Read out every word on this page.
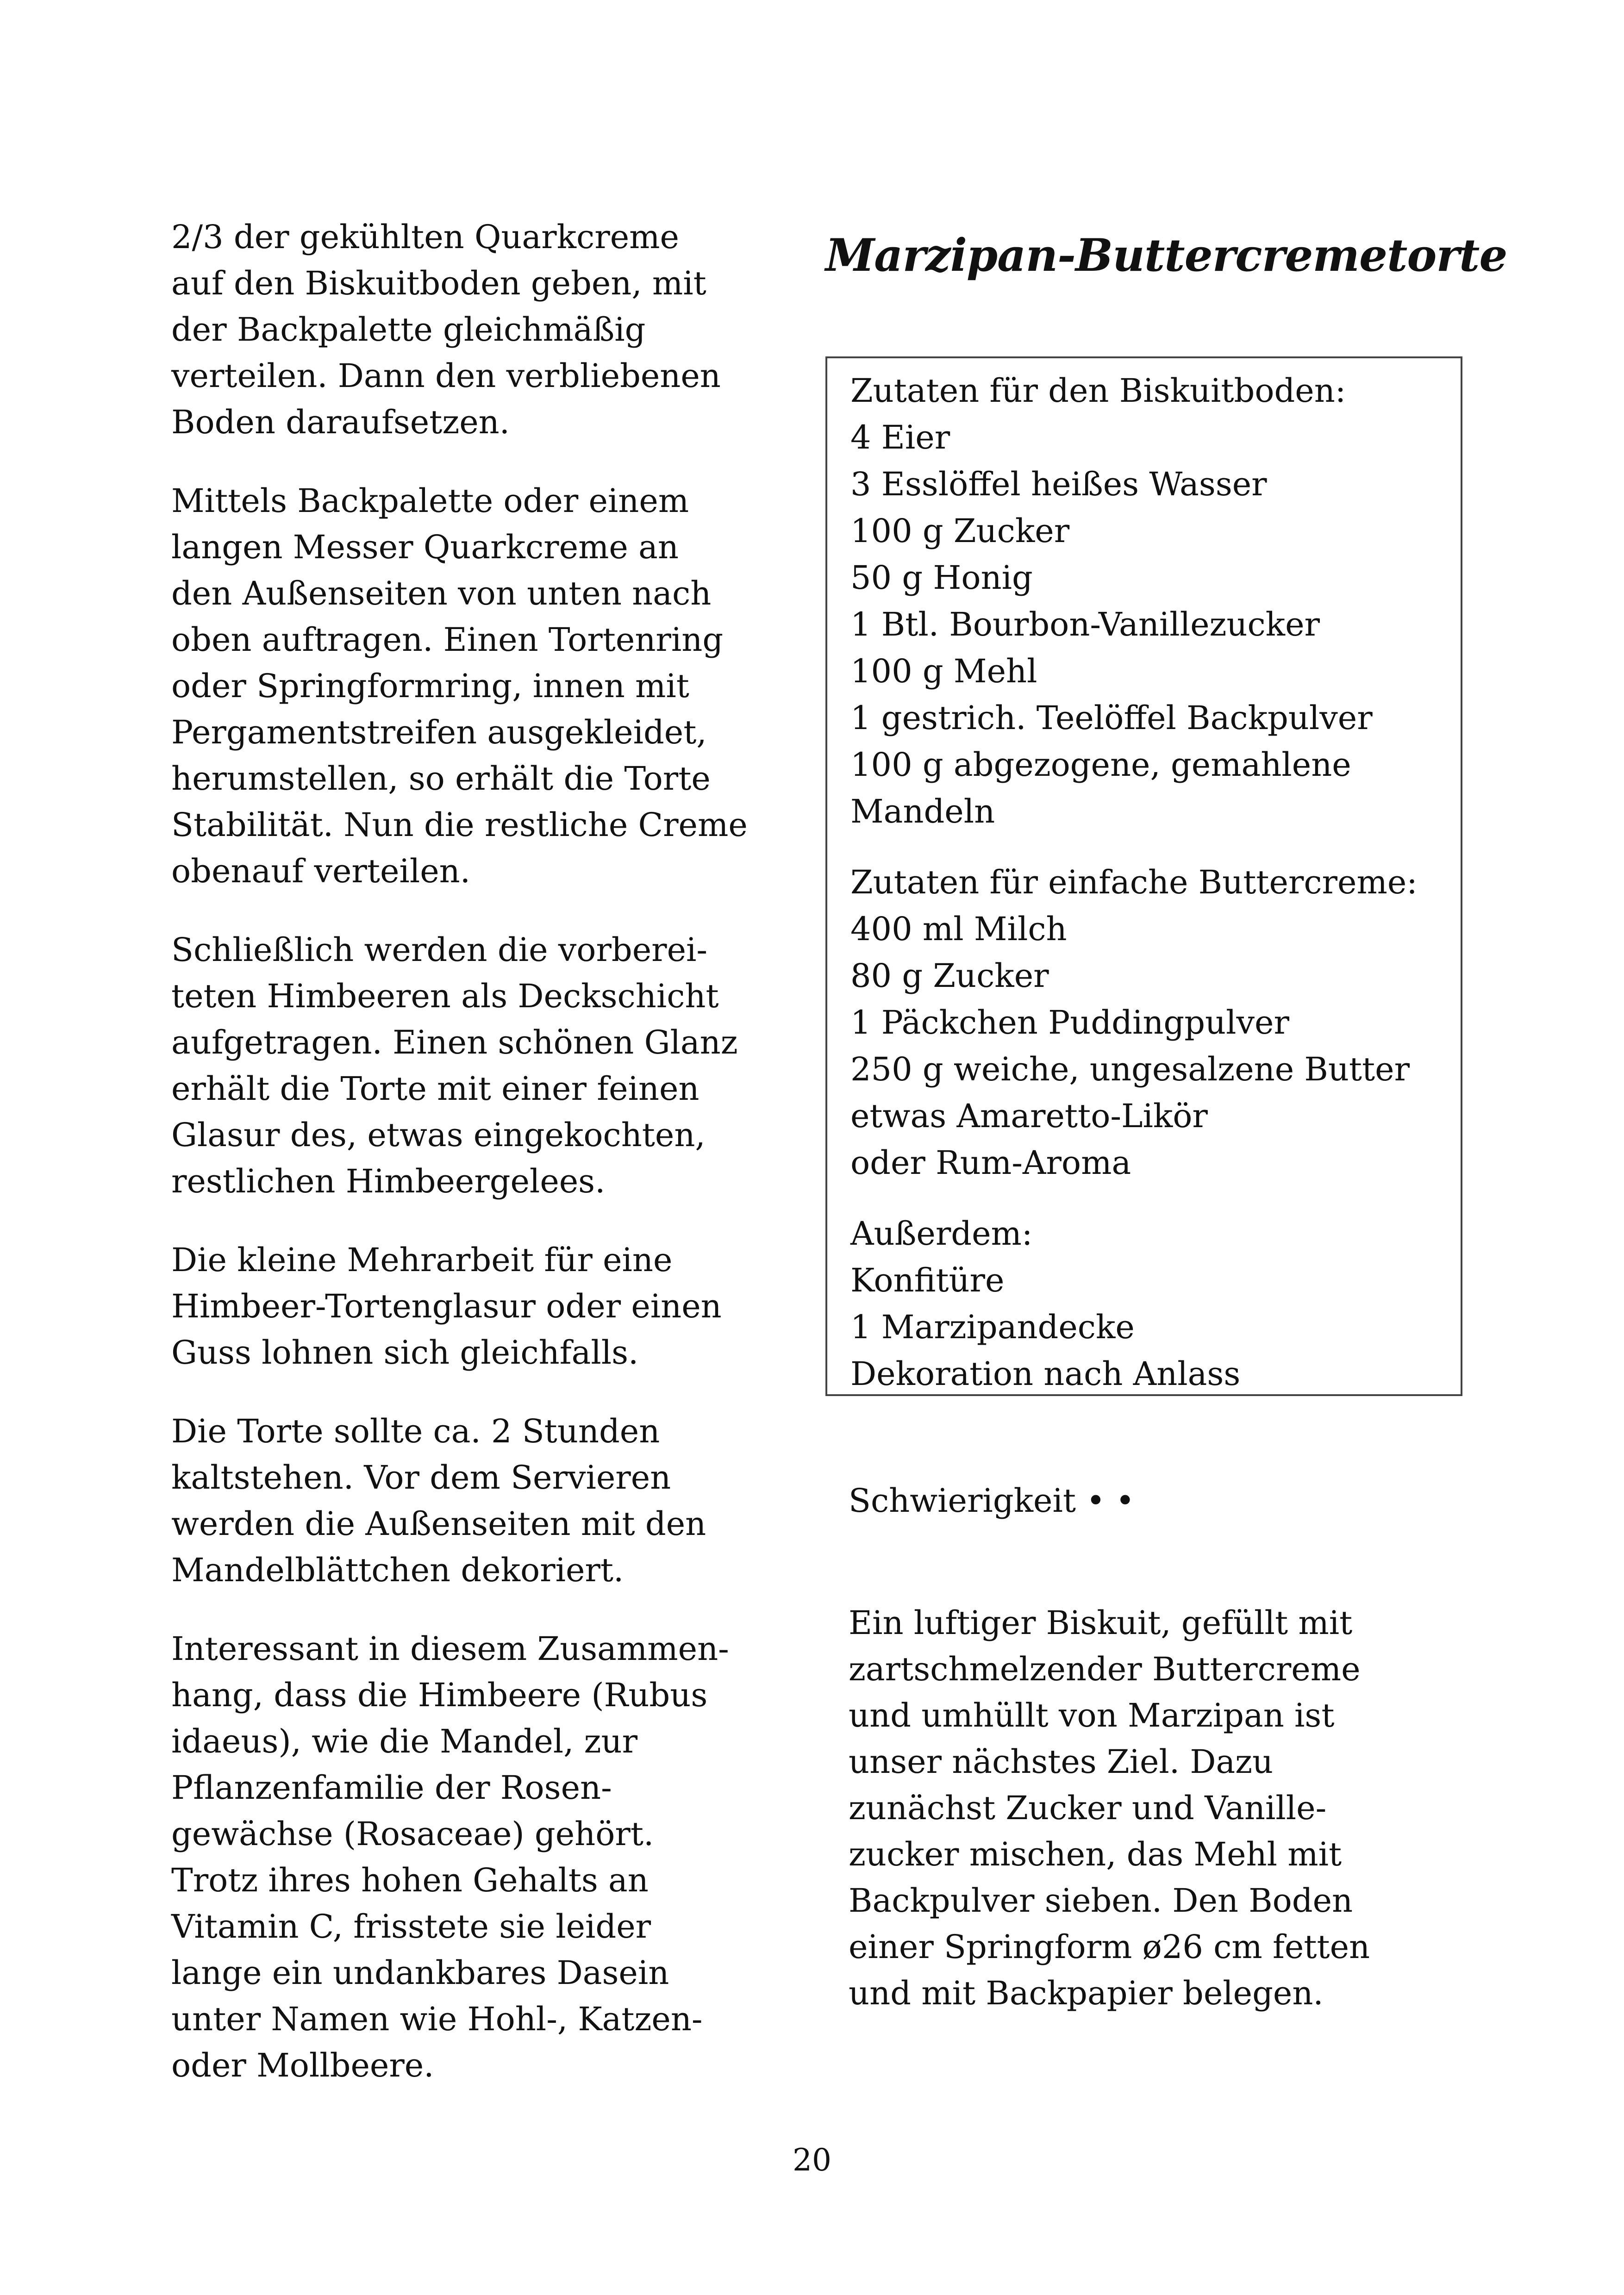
2/3 der gekühlten Quarkcreme
auf den Biskuitboden geben, mit
der Backpalette gleichmäßig
verteilen. Dann den verbliebenen
Boden daraufsetzen.

Mittels Backpalette oder einem
langen Messer Quarkcreme an
den Außenseiten von unten nach
oben auftragen. Einen Tortenring
oder Springformring, innen mit
Pergamentstreifen ausgekleidet,
herumstellen, so erhält die Torte
Stabilität. Nun die restliche Creme
obenauf verteilen.

Schließlich werden die vorberei-
teten Himbeeren als Deckschicht
aufgetragen. Einen schönen Glanz
erhält die Torte mit einer feinen
Glasur des, etwas eingekochten,
restlichen Himbeergelees.

Die kleine Mehrarbeit für eine
Himbeer-Tortenglasur oder einen
Guss lohnen sich gleichfalls.

Die Torte sollte ca. 2 Stunden
kaltstehen. Vor dem Servieren
werden die Außenseiten mit den
Mandelblättchen dekoriert.

Interessant in diesem Zusammen-
hang, dass die Himbeere (Rubus
idaeus), wie die Mandel, zur
Pflanzenfamilie der Rosen-
gewächse (Rosaceae) gehört.
Trotz ihres hohen Gehalts an
Vitamin C, frisstete sie leider
lange ein undankbares Dasein
unter Namen wie Hohl-, Katzen-
oder Mollbeere.

Marzipan-Buttercremetorte
Zutaten für den Biskuitboden:
4 Eier
3 Esslöffel heißes Wasser
100 g Zucker
50 g Honig
1 Btl. Bourbon-Vanillezucker
100 g Mehl
1 gestrich. Teelöffel Backpulver
100 g abgezogene, gemahlene
Mandeln
Zutaten für einfache Buttercreme:
400 ml Milch
80 g Zucker
1 Päckchen Puddingpulver
250 g weiche, ungesalzene Butter
etwas Amaretto-Likör
oder Rum-Aroma
Außerdem:
Konfitüre
1 Marzipandecke
Dekoration nach Anlass
Schwierigkeit • •

Ein luftiger Biskuit, gefüllt mit
zartschmelzender Buttercreme
und umhüllt von Marzipan ist
unser nächstes Ziel. Dazu
zunächst Zucker und Vanille-
zucker mischen, das Mehl mit
Backpulver sieben. Den Boden
einer Springform ø26 cm fetten
und mit Backpapier belegen.

20
